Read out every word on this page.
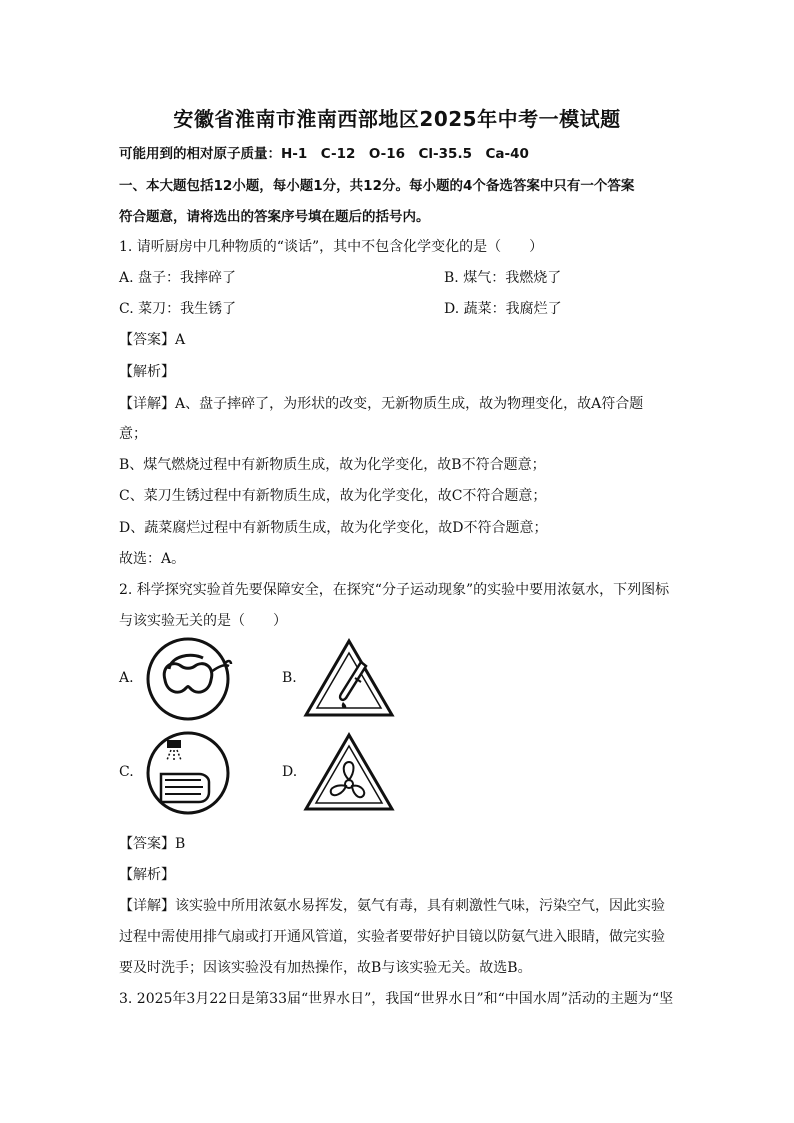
安徽省淮南市淮南西部地区2025年中考一模试题
可能用到的相对原子质量：H-1　C-12　O-16　Cl-35.5　Ca-40
一、本大题包括12小题，每小题1分，共12分。每小题的4个备选答案中只有一个答案
符合题意，请将选出的答案序号填在题后的括号内。
1. 请听厨房中几种物质的“谈话”，其中不包含化学变化的是（　　）
A. 盘子：我摔碎了	B. 煤气：我燃烧了
C. 菜刀：我生锈了	D. 蔬菜：我腐烂了
【答案】A
【解析】
【详解】A、盘子摔碎了，为形状的改变，无新物质生成，故为物理变化，故A符合题
意；
B、煤气燃烧过程中有新物质生成，故为化学变化，故B不符合题意；
C、菜刀生锈过程中有新物质生成，故为化学变化，故C不符合题意；
D、蔬菜腐烂过程中有新物质生成，故为化学变化，故D不符合题意；
故选：A。
2. 科学探究实验首先要保障安全，在探究“分子运动现象”的实验中要用浓氨水，下列图标
与该实验无关的是（　　）
A.	B.
C.	D.
【答案】B
【解析】
【详解】该实验中所用浓氨水易挥发，氨气有毒，具有刺激性气味，污染空气，因此实验
过程中需使用排气扇或打开通风管道，实验者要带好护目镜以防氨气进入眼睛，做完实验
要及时洗手；因该实验没有加热操作，故B与该实验无关。故选B。
3. 2025年3月22日是第33届“世界水日”，我国“世界水日”和“中国水周”活动的主题为“坚
